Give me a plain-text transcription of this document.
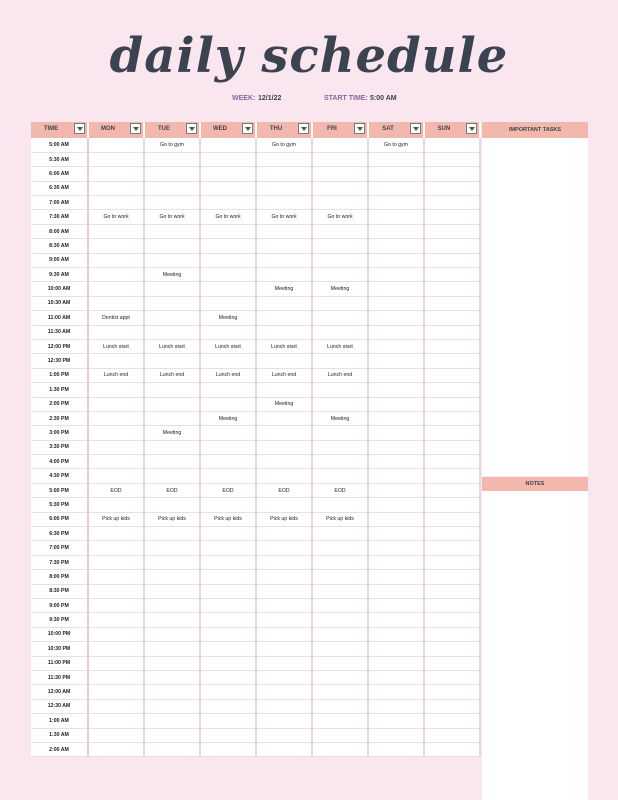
daily schedule
WEEK: 12/1/22	START TIME: 5:00 AM
TIME	MON	TUE	WED	THU	FRI	SAT	SUN

5:00 AM		Go to gym		Go to gym		Go to gym	
5:30 AM							
6:00 AM							
6:30 AM							
7:00 AM							
7:30 AM	Go to work	Go to work	Go to work	Go to work	Go to work		
8:00 AM							
8:30 AM							
9:00 AM							
9:30 AM		Meeting					
10:00 AM				Meeting	Meeting		
10:30 AM							
11:00 AM	Dentist appt		Meeting				
11:30 AM							
12:00 PM	Lunch start	Lunch start	Lunch start	Lunch start	Lunch start		
12:30 PM							
1:00 PM	Lunch end	Lunch end	Lunch end	Lunch end	Lunch end		
1:30 PM							
2:00 PM				Meeting			
2:30 PM			Meeting		Meeting		
3:00 PM		Meeting					
3:30 PM							
4:00 PM							
4:30 PM							
5:00 PM	EOD	EOD	EOD	EOD	EOD		
5:30 PM							
6:00 PM	Pick up kids	Pick up kids	Pick up kids	Pick up kids	Pick up kids		
6:30 PM							
7:00 PM							
7:30 PM							
8:00 PM							
8:30 PM							
9:00 PM							
9:30 PM							
10:00 PM							
10:30 PM							
11:00 PM							
11:30 PM							
12:00 AM							
12:30 AM							
1:00 AM							
1:30 AM							
2:00 AM							
IMPORTANT TASKS
NOTES
